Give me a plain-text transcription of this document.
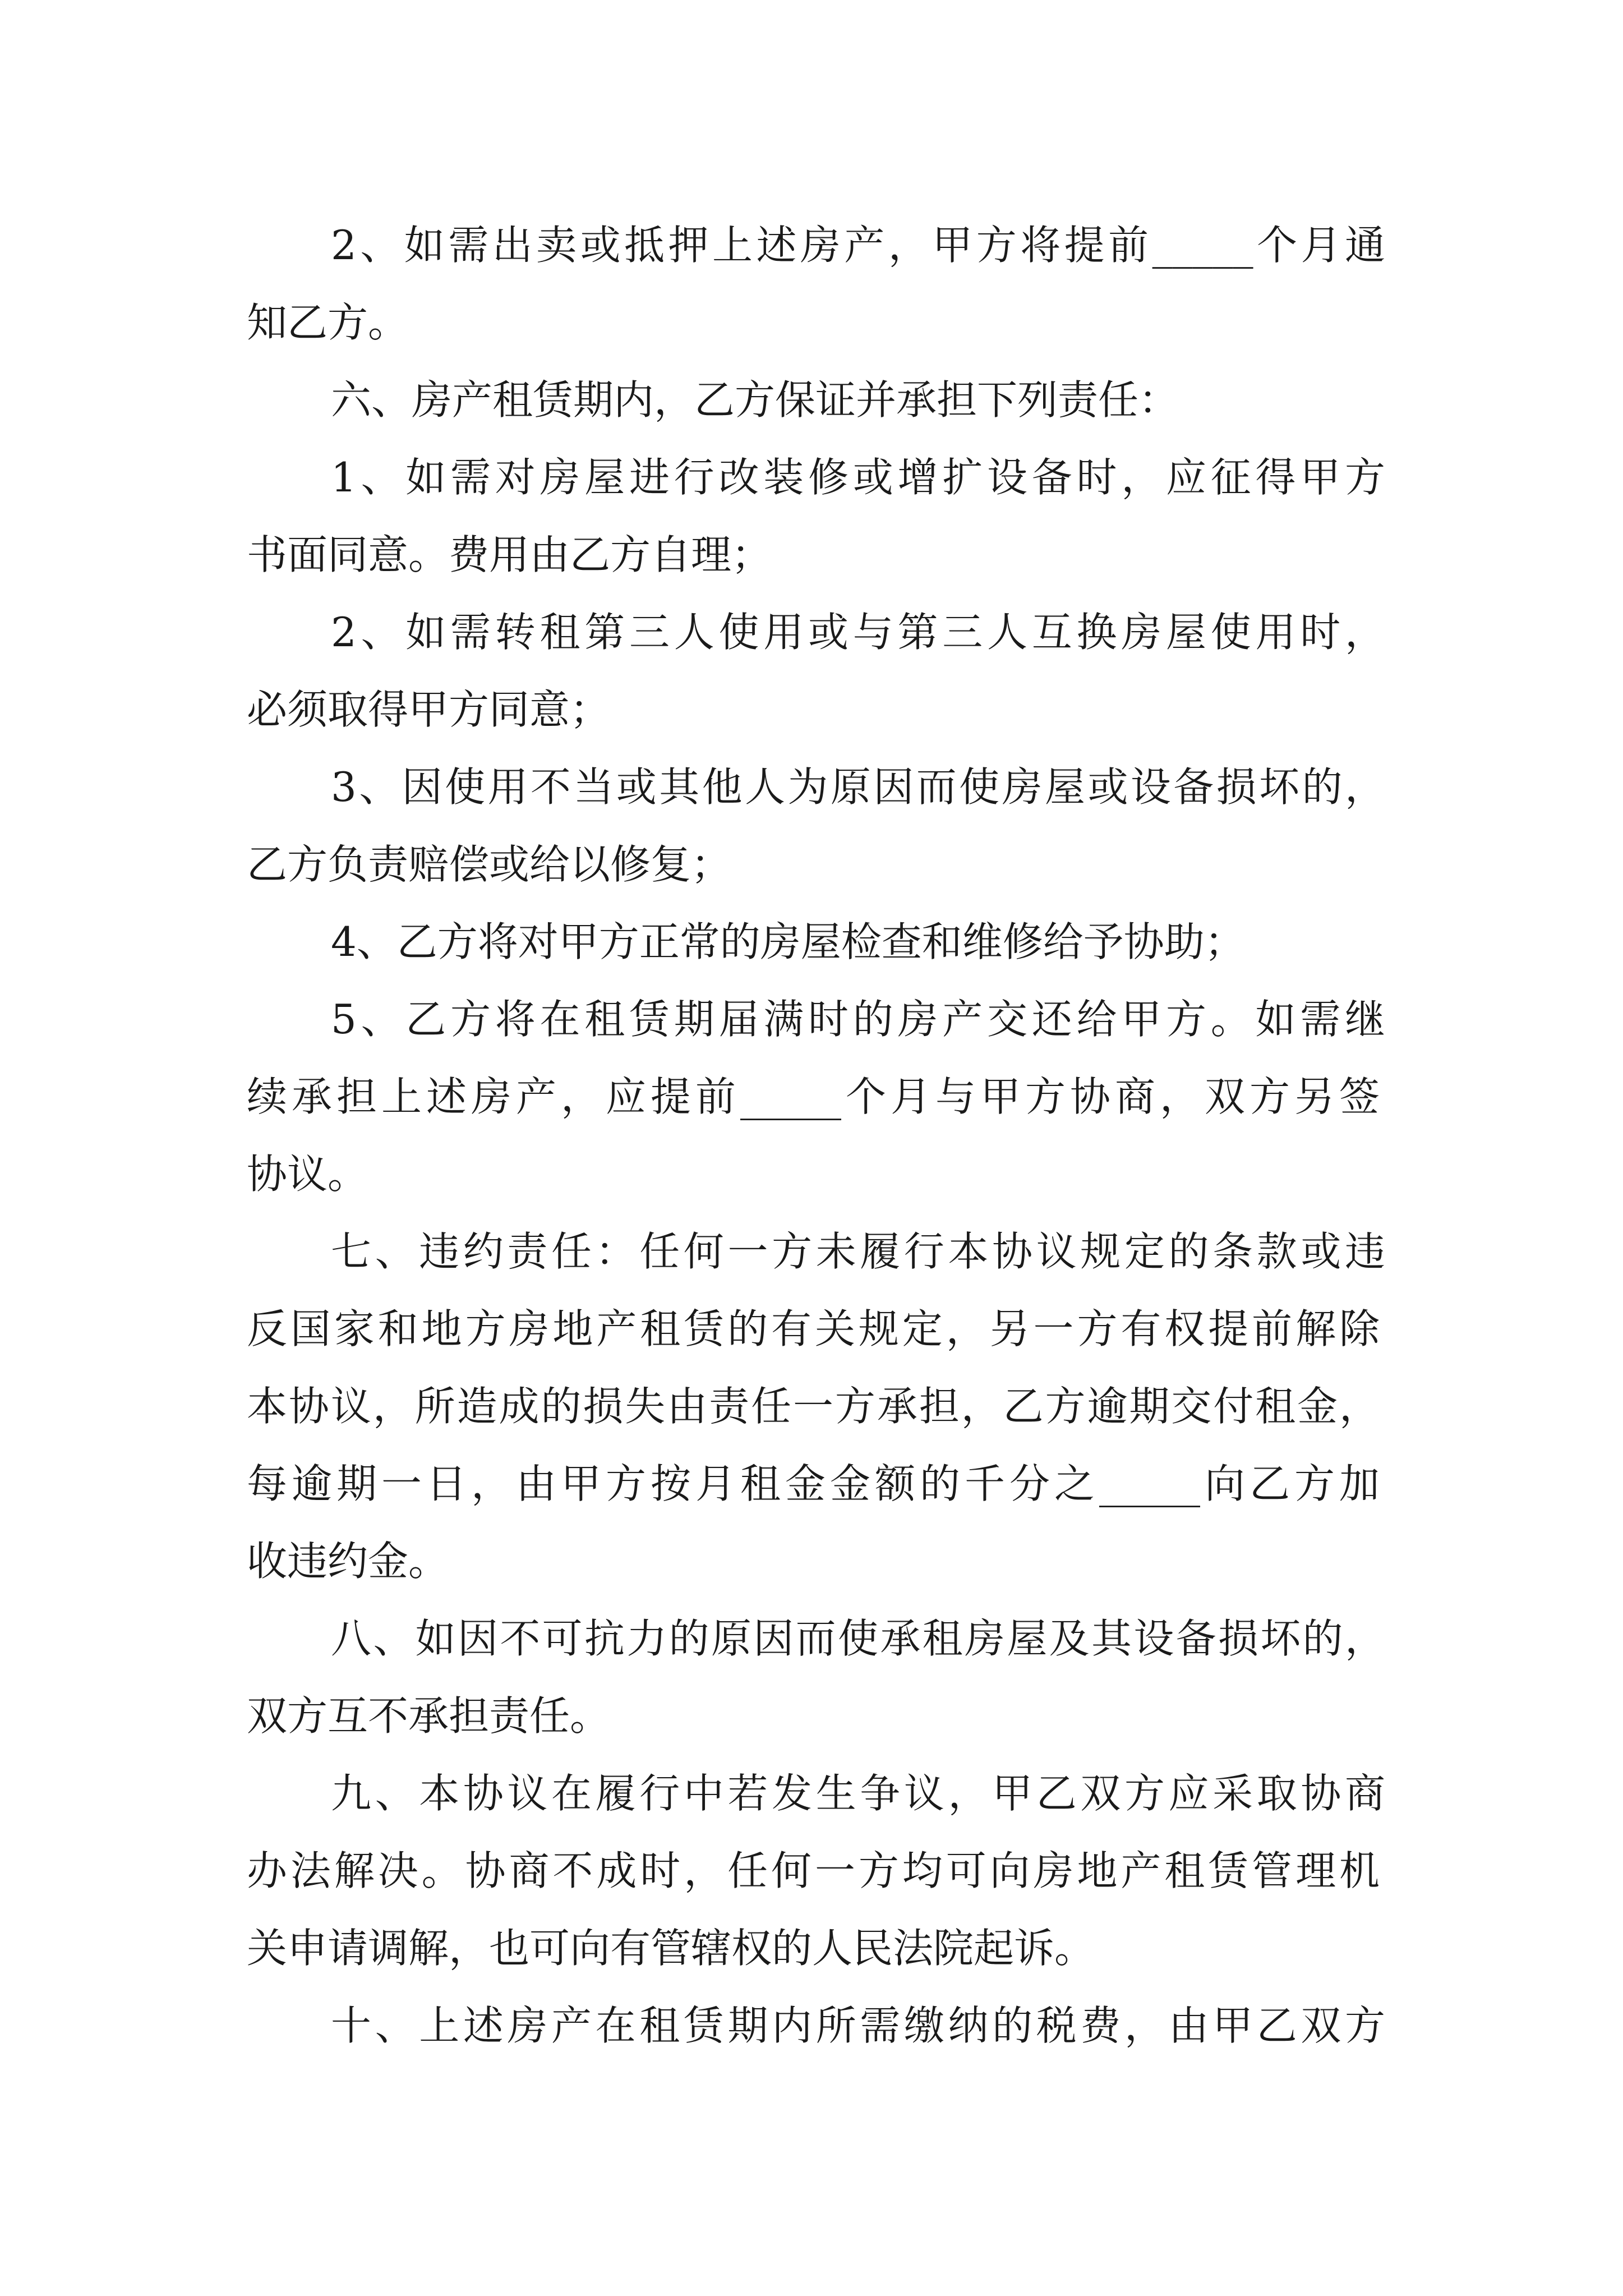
2、如需出卖或抵押上述房产，甲方将提前_____个月通
知乙方。
六、房产租赁期内，乙方保证并承担下列责任：
1、如需对房屋进行改装修或增扩设备时，应征得甲方
书面同意。费用由乙方自理；
2、如需转租第三人使用或与第三人互换房屋使用时，
必须取得甲方同意；
3、因使用不当或其他人为原因而使房屋或设备损坏的，
乙方负责赔偿或给以修复；
4、乙方将对甲方正常的房屋检查和维修给予协助；
5、乙方将在租赁期届满时的房产交还给甲方。如需继
续承担上述房产，应提前_____个月与甲方协商，双方另签
协议。
七、违约责任：任何一方未履行本协议规定的条款或违
反国家和地方房地产租赁的有关规定，另一方有权提前解除
本协议，所造成的损失由责任一方承担，乙方逾期交付租金，
每逾期一日，由甲方按月租金金额的千分之_____向乙方加
收违约金。
八、如因不可抗力的原因而使承租房屋及其设备损坏的，
双方互不承担责任。
九、本协议在履行中若发生争议，甲乙双方应采取协商
办法解决。协商不成时，任何一方均可向房地产租赁管理机
关申请调解，也可向有管辖权的人民法院起诉。
十、上述房产在租赁期内所需缴纳的税费，由甲乙双方
